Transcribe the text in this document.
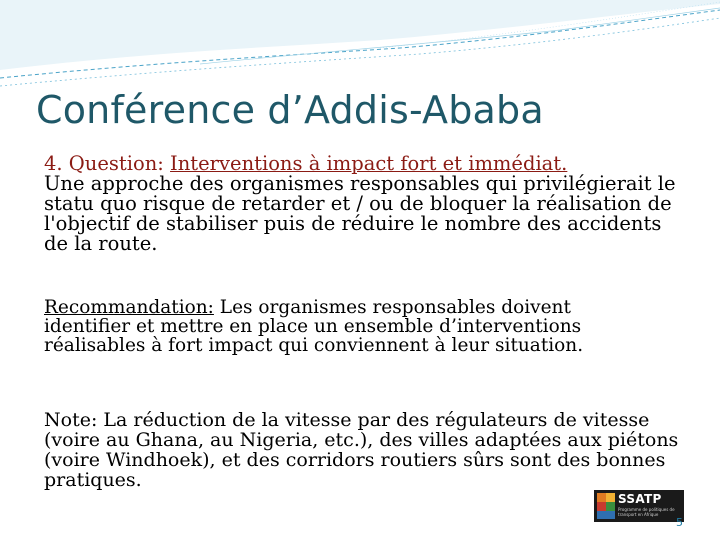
Conférence d’Addis-Ababa
4. Question: Interventions à impact fort et immédiat.
Une approche des organismes responsables qui privilégierait le statu quo risque de retarder et / ou de bloquer la réalisation de l'objectif de stabiliser puis de réduire le nombre des accidents de la route.
Recommandation: Les organismes responsables doivent identifier et mettre en place un ensemble d’interventions réalisables à fort impact qui conviennent à leur situation.
Note: La réduction de la vitesse par des régulateurs de vitesse (voire au Ghana, au Nigeria, etc.), des villes adaptées aux piétons (voire Windhoek), et des corridors routiers sûrs sont des bonnes pratiques.
SSATP
Programme de politiques de transport en Afrique
5
